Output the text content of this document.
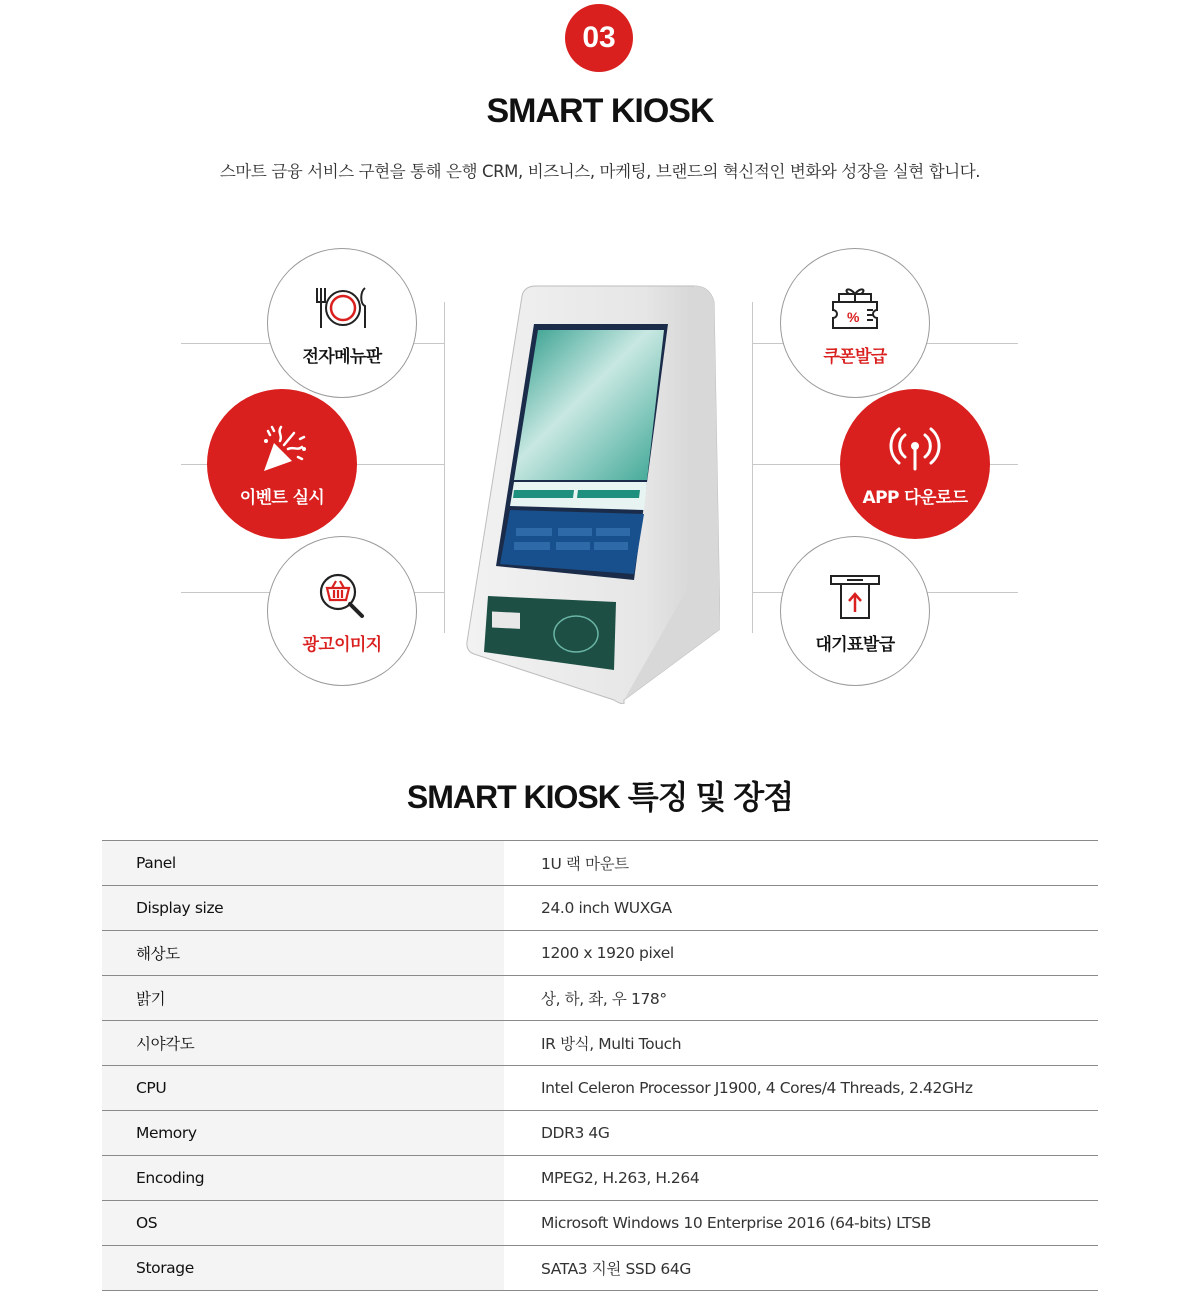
03
SMART KIOSK
스마트 금융 서비스 구현을 통해 은행 CRM, 비즈니스, 마케팅, 브랜드의 혁신적인 변화와 성장을 실현 합니다.
전자메뉴판
이벤트 실시
광고이미지
%
쿠폰발급
APP 다운로드
대기표발급
SMART KIOSK 특징 및 장점
Panel	1U 랙 마운트
Display size	24.0 inch WUXGA
해상도	1200 x 1920 pixel
밝기	상, 하, 좌, 우 178°
시야각도	IR 방식, Multi Touch
CPU	Intel Celeron Processor J1900, 4 Cores/4 Threads, 2.42GHz
Memory	DDR3 4G
Encoding	MPEG2, H.263, H.264
OS	Microsoft Windows 10 Enterprise 2016 (64-bits) LTSB
Storage	SATA3 지원 SSD 64G
